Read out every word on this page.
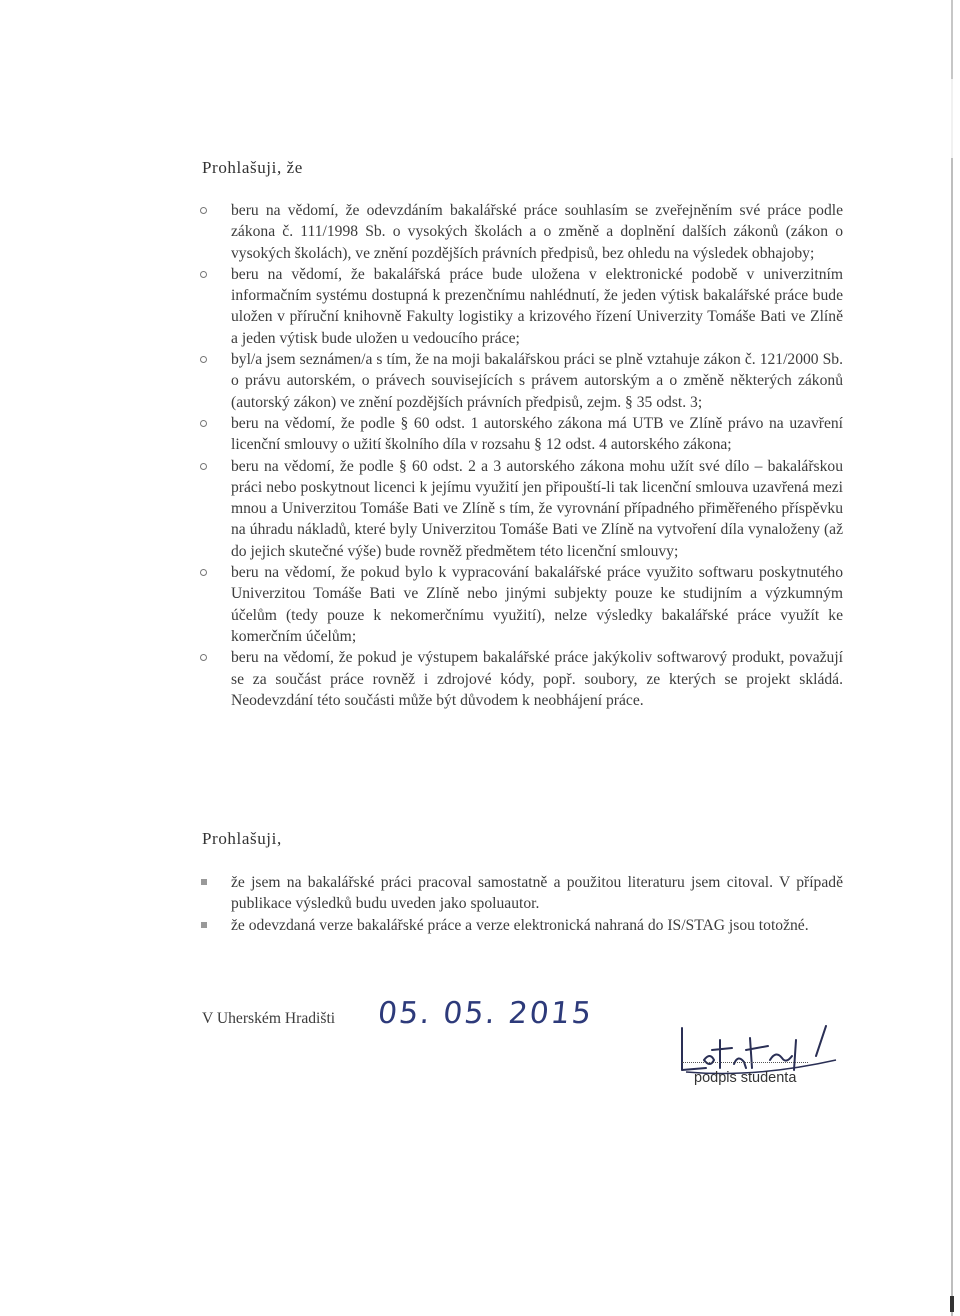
Prohlašuji, že

beru na vědomí, že odevzdáním bakalářské práce souhlasím se zveřejněním své práce podle zákona č. 111/1998 Sb. o vysokých školách a o změně a doplnění dalších zákonů (zákon o vysokých školách), ve znění pozdějších právních předpisů, bez ohledu na výsledek obhajoby;

beru na vědomí, že bakalářská práce bude uložena v elektronické podobě v univerzitním informačním systému dostupná k prezenčnímu nahlédnutí, že jeden výtisk bakalářské práce bude uložen v příruční knihovně Fakulty logistiky a krizového řízení Univerzity Tomáše Bati ve Zlíně a jeden výtisk bude uložen u vedoucího práce;

byl/a jsem seznámen/a s tím, že na moji bakalářskou práci se plně vztahuje zákon č. 121/2000 Sb. o právu autorském, o právech souvisejících s právem autorským a o změně některých zákonů (autorský zákon) ve znění pozdějších právních předpisů, zejm. § 35 odst. 3;

beru na vědomí, že podle § 60 odst. 1 autorského zákona má UTB ve Zlíně právo na uzavření licenční smlouvy o užití školního díla v rozsahu § 12 odst. 4 autorského zákona;

beru na vědomí, že podle § 60 odst. 2 a 3 autorského zákona mohu užít své dílo – bakalářskou práci nebo poskytnout licenci k jejímu využití jen připouští-li tak licenční smlouva uzavřená mezi mnou a Univerzitou Tomáše Bati ve Zlíně s tím, že vyrovnání případného přiměřeného příspěvku na úhradu nákladů, které byly Univerzitou Tomáše Bati ve Zlíně na vytvoření díla vynaloženy (až do jejich skutečné výše) bude rovněž předmětem této licenční smlouvy;

beru na vědomí, že pokud bylo k vypracování bakalářské práce využito softwaru poskytnutého Univerzitou Tomáše Bati ve Zlíně nebo jinými subjekty pouze ke studijním a výzkumným účelům (tedy pouze k nekomerčnímu využití), nelze výsledky bakalářské práce využít ke komerčním účelům;

beru na vědomí, že pokud je výstupem bakalářské práce jakýkoliv softwarový produkt, považují se za součást práce rovněž i zdrojové kódy, popř. soubory, ze kterých se projekt skládá. Neodevzdání této součásti může být důvodem k neobhájení práce.

Prohlašuji,

že jsem na bakalářské práci pracoval samostatně a použitou literaturu jsem citoval. V případě publikace výsledků budu uveden jako spoluautor.

že odevzdaná verze bakalářské práce a verze elektronická nahraná do IS/STAG jsou totožné.

V Uherském Hradišti 05. 05. 2015
podpis studenta
